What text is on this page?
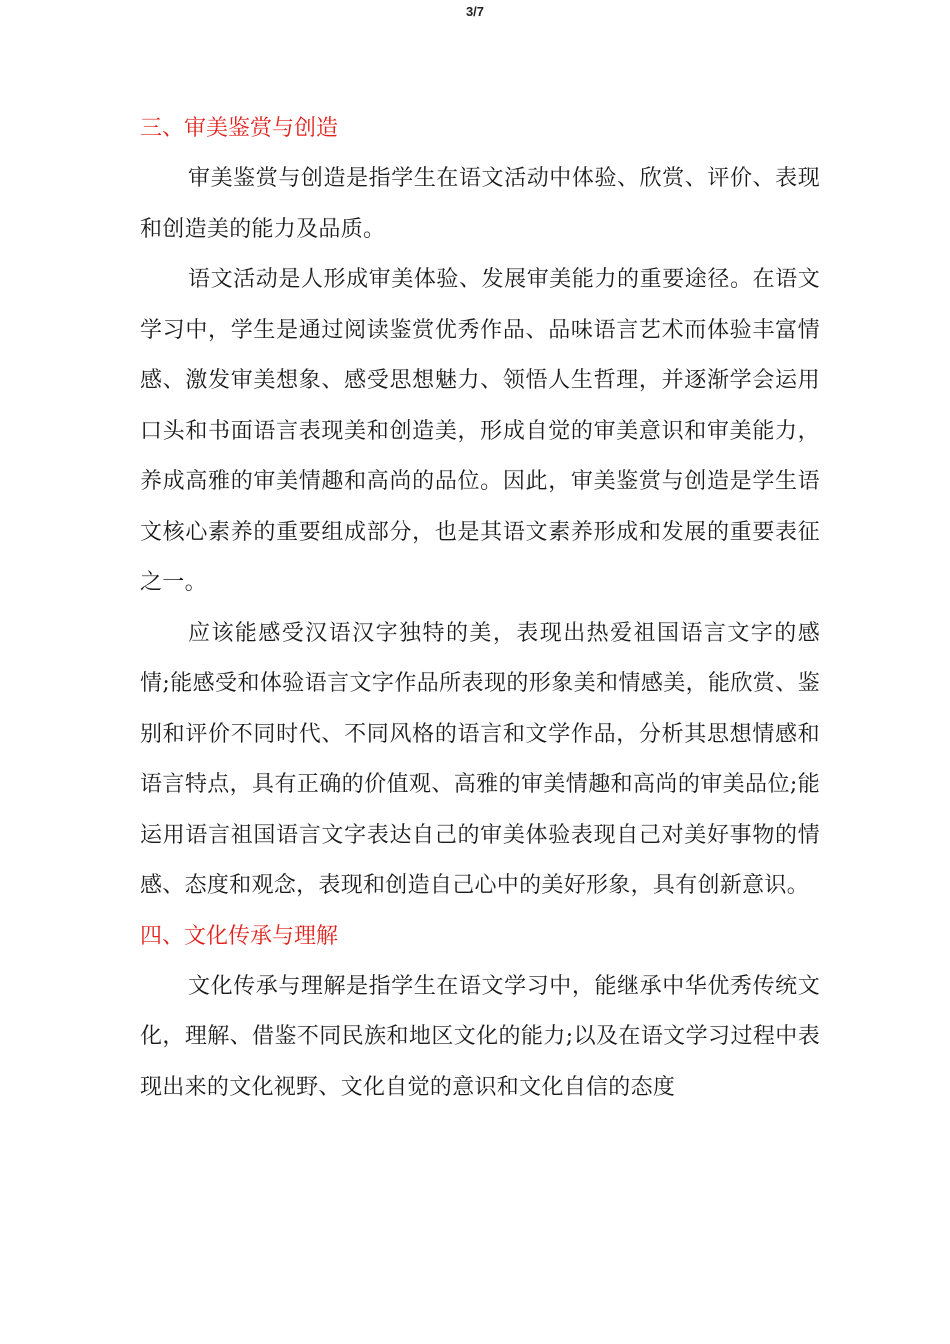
3/7
三、审美鉴赏与创造

审美鉴赏与创造是指学生在语文活动中体验、欣赏、评价、表现和创造美的能力及品质。

语文活动是人形成审美体验、发展审美能力的重要途径。在语文学习中，学生是通过阅读鉴赏优秀作品、品味语言艺术而体验丰富情感、激发审美想象、感受思想魅力、领悟人生哲理，并逐渐学会运用口头和书面语言表现美和创造美，形成自觉的审美意识和审美能力，养成高雅的审美情趣和高尚的品位。因此，审美鉴赏与创造是学生语文核心素养的重要组成部分，也是其语文素养形成和发展的重要表征之一。

应该能感受汉语汉字独特的美，表现出热爱祖国语言文字的感情;能感受和体验语言文字作品所表现的形象美和情感美，能欣赏、鉴别和评价不同时代、不同风格的语言和文学作品，分析其思想情感和语言特点，具有正确的价值观、高雅的审美情趣和高尚的审美品位;能运用语言祖国语言文字表达自己的审美体验表现自己对美好事物的情感、态度和观念，表现和创造自己心中的美好形象，具有创新意识。

四、文化传承与理解

文化传承与理解是指学生在语文学习中，能继承中华优秀传统文化，理解、借鉴不同民族和地区文化的能力;以及在语文学习过程中表现出来的文化视野、文化自觉的意识和文化自信的态度
